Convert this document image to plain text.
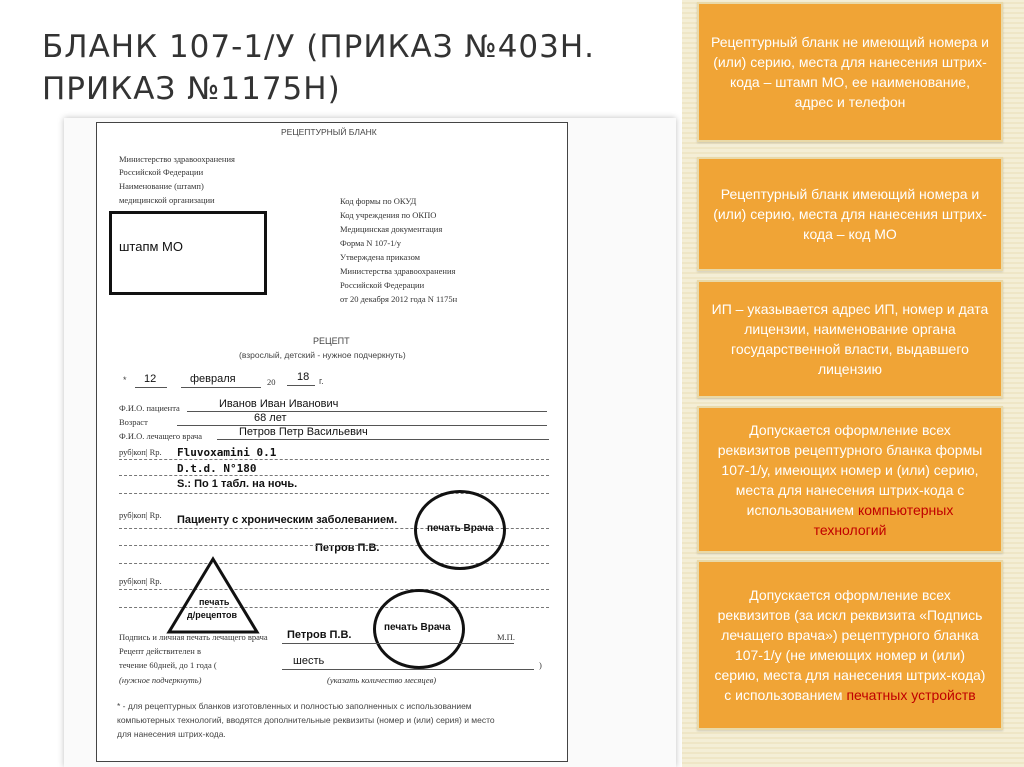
БЛАНК 107-1/У (ПРИКАЗ №403Н.
ПРИКАЗ №1175Н)
РЕЦЕПТУРНЫЙ БЛАНК
Министерство здравоохранения
Российской Федерации
Наименование (штамп)
медицинской организации	Код формы по ОКУД
Код учреждения по ОКПО
Медицинская документация
Форма N 107-1/у
Утверждена приказом
Министерства здравоохранения
Российской Федерации
от 20 декабря 2012 года N 1175н
штапм МО
РЕЦЕПТ
(взрослый, детский - нужное подчеркнуть)
* 12	февраля	20 18 г.
Ф.И.О. пациента	Иванов Иван Иванович
Возраст	68 лет
Ф.И.О. лечащего врача	Петров Петр Васильевич
руб|коп| Rp. Fluvoxamini 0.1
D.t.d. N°180
S.: По 1 табл. на ночь.
руб|коп| Rp. Пациенту с хроническим заболеванием.
Петров П.В.
печать Врача
руб|коп| Rp.
печать
д/рецептов
печать Врача
Подпись и личная печать лечащего врача Петров П.В.	М.П.
Рецепт действителен в
течение 60дней, до 1 года (	шесть	)
(нужное подчеркнуть)	(указать количество месяцев)
* - для рецептурных бланков изготовленных и полностью заполненных с использованием
компьютерных технологий, вводятся дополнительные реквизиты (номер и (или) серия) и место
для нанесения штрих-кода.
Рецептурный бланк не имеющий номера и (или) серию, места для нанесения штрих-кода – штамп МО, ее наименование, адрес и телефон
Рецептурный бланк имеющий номера и (или) серию, места для нанесения штрих-кода – код МО
ИП – указывается адрес ИП, номер и дата лицензии, наименование органа государственной власти, выдавшего лицензию
Допускается оформление всех реквизитов рецептурного бланка формы 107-1/у, имеющих номер и (или) серию, места для нанесения штрих-кода с использованием компьютерных технологий
Допускается оформление всех реквизитов (за искл реквизита «Подпись лечащего врача») рецептурного бланка 107-1/у (не имеющих номер и (или) серию, места для нанесения штрих-кода) с использованием печатных устройств
